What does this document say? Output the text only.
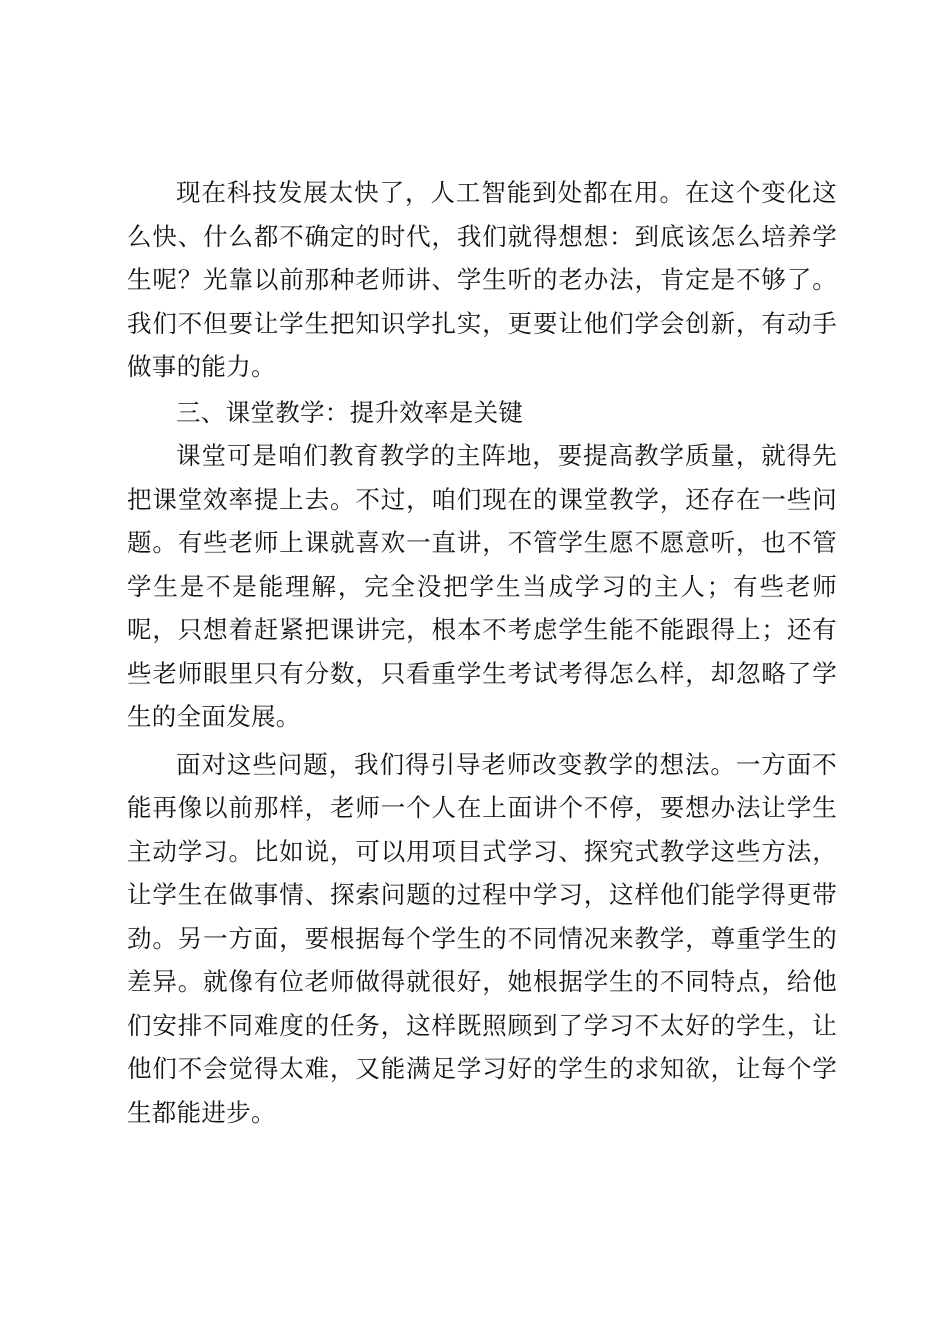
现在科技发展太快了，人工智能到处都在用。在这个变化这么快、什么都不确定的时代，我们就得想想：到底该怎么培养学生呢？光靠以前那种老师讲、学生听的老办法，肯定是不够了。我们不但要让学生把知识学扎实，更要让他们学会创新，有动手做事的能力。

三、课堂教学：提升效率是关键

课堂可是咱们教育教学的主阵地，要提高教学质量，就得先把课堂效率提上去。不过，咱们现在的课堂教学，还存在一些问题。有些老师上课就喜欢一直讲，不管学生愿不愿意听，也不管学生是不是能理解，完全没把学生当成学习的主人；有些老师呢，只想着赶紧把课讲完，根本不考虑学生能不能跟得上；还有些老师眼里只有分数，只看重学生考试考得怎么样，却忽略了学生的全面发展。

面对这些问题，我们得引导老师改变教学的想法。一方面不能再像以前那样，老师一个人在上面讲个不停，要想办法让学生主动学习。比如说，可以用项目式学习、探究式教学这些方法，让学生在做事情、探索问题的过程中学习，这样他们能学得更带劲。另一方面，要根据每个学生的不同情况来教学，尊重学生的差异。就像有位老师做得就很好，她根据学生的不同特点，给他们安排不同难度的任务，这样既照顾到了学习不太好的学生，让他们不会觉得太难，又能满足学习好的学生的求知欲，让每个学生都能进步。
